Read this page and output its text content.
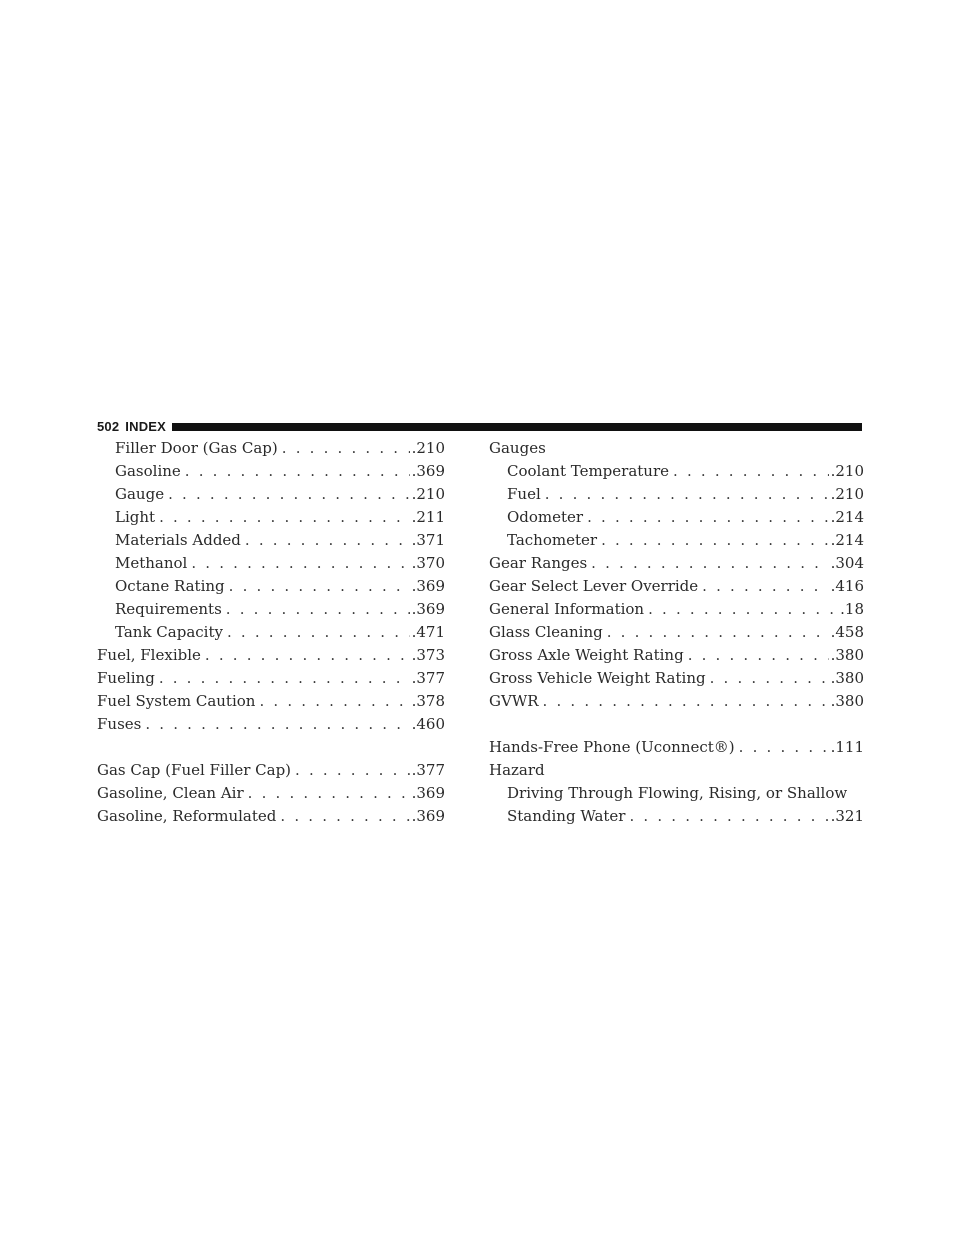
502 INDEX
Filler Door (Gas Cap) . . .	.210
Gasoline . . .	.369
Gauge . . .	.210
Light . . .	.211
Materials Added . . .	.371
Methanol . . .	.370
Octane Rating . . .	.369
Requirements . . .	.369
Tank Capacity . . .	.471
Fuel, Flexible . . .	.373
Fueling . . .	.377
Fuel System Caution . . .	.378
Fuses . . .	.460
Gas Cap (Fuel Filler Cap) . . .	.377
Gasoline, Clean Air . . .	.369
Gasoline, Reformulated . . .	.369
Gauges
Coolant Temperature . . .	.210
Fuel . . .	.210
Odometer . . .	.214
Tachometer . . .	.214
Gear Ranges . . .	.304
Gear Select Lever Override . . .	.416
General Information . . .	.18
Glass Cleaning . . .	.458
Gross Axle Weight Rating . . .	.380
Gross Vehicle Weight Rating . . .	.380
GVWR . . .	.380
Hands-Free Phone (Uconnect®) . . .	.111
Hazard
Driving Through Flowing, Rising, or Shallow
Standing Water . . .	.321
